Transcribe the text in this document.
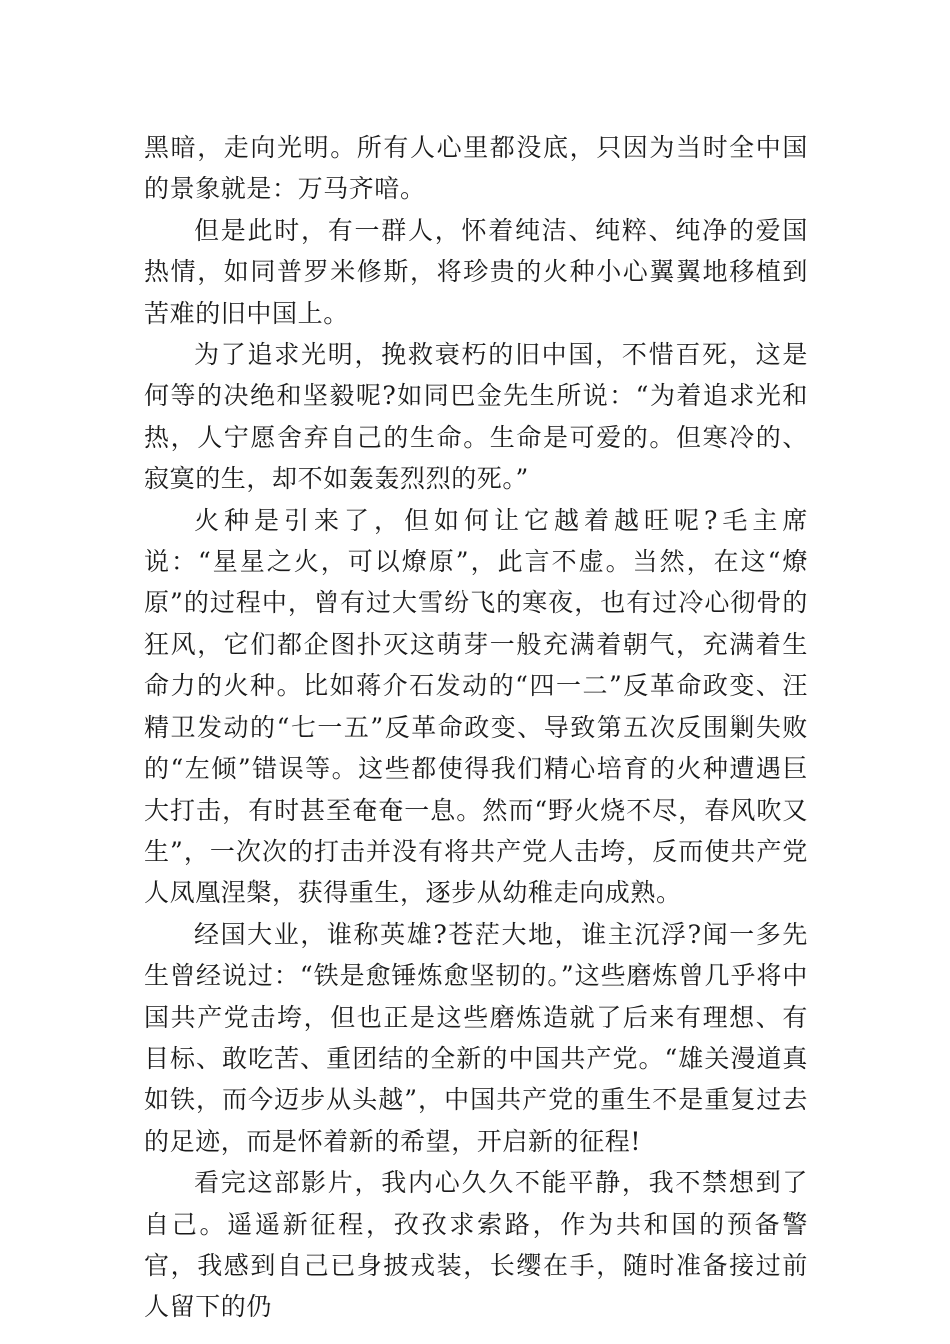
黑暗，走向光明。所有人心里都没底，只因为当时全中国的景象就是：万马齐喑。

但是此时，有一群人，怀着纯洁、纯粹、纯净的爱国热情，如同普罗米修斯，将珍贵的火种小心翼翼地移植到苦难的旧中国上。

为了追求光明，挽救衰朽的旧中国，不惜百死，这是何等的决绝和坚毅呢?如同巴金先生所说：“为着追求光和热，人宁愿舍弃自己的生命。生命是可爱的。但寒冷的、寂寞的生，却不如轰轰烈烈的死。”

火种是引来了，但如何让它越着越旺呢?毛主席说：“星星之火，可以燎原”，此言不虚。当然，在这“燎原”的过程中，曾有过大雪纷飞的寒夜，也有过冷心彻骨的狂风，它们都企图扑灭这萌芽一般充满着朝气，充满着生命力的火种。比如蒋介石发动的“四一二”反革命政变、汪精卫发动的“七一五”反革命政变、导致第五次反围剿失败的“左倾”错误等。这些都使得我们精心培育的火种遭遇巨大打击，有时甚至奄奄一息。然而“野火烧不尽，春风吹又生”，一次次的打击并没有将共产党人击垮，反而使共产党人凤凰涅槃，获得重生，逐步从幼稚走向成熟。

经国大业，谁称英雄?苍茫大地，谁主沉浮?闻一多先生曾经说过：“铁是愈锤炼愈坚韧的。”这些磨炼曾几乎将中国共产党击垮，但也正是这些磨炼造就了后来有理想、有目标、敢吃苦、重团结的全新的中国共产党。“雄关漫道真如铁，而今迈步从头越”，中国共产党的重生不是重复过去的足迹，而是怀着新的希望，开启新的征程!

看完这部影片，我内心久久不能平静，我不禁想到了自己。遥遥新征程，孜孜求索路，作为共和国的预备警官，我感到自己已身披戎装，长缨在手，随时准备接过前人留下的仍
